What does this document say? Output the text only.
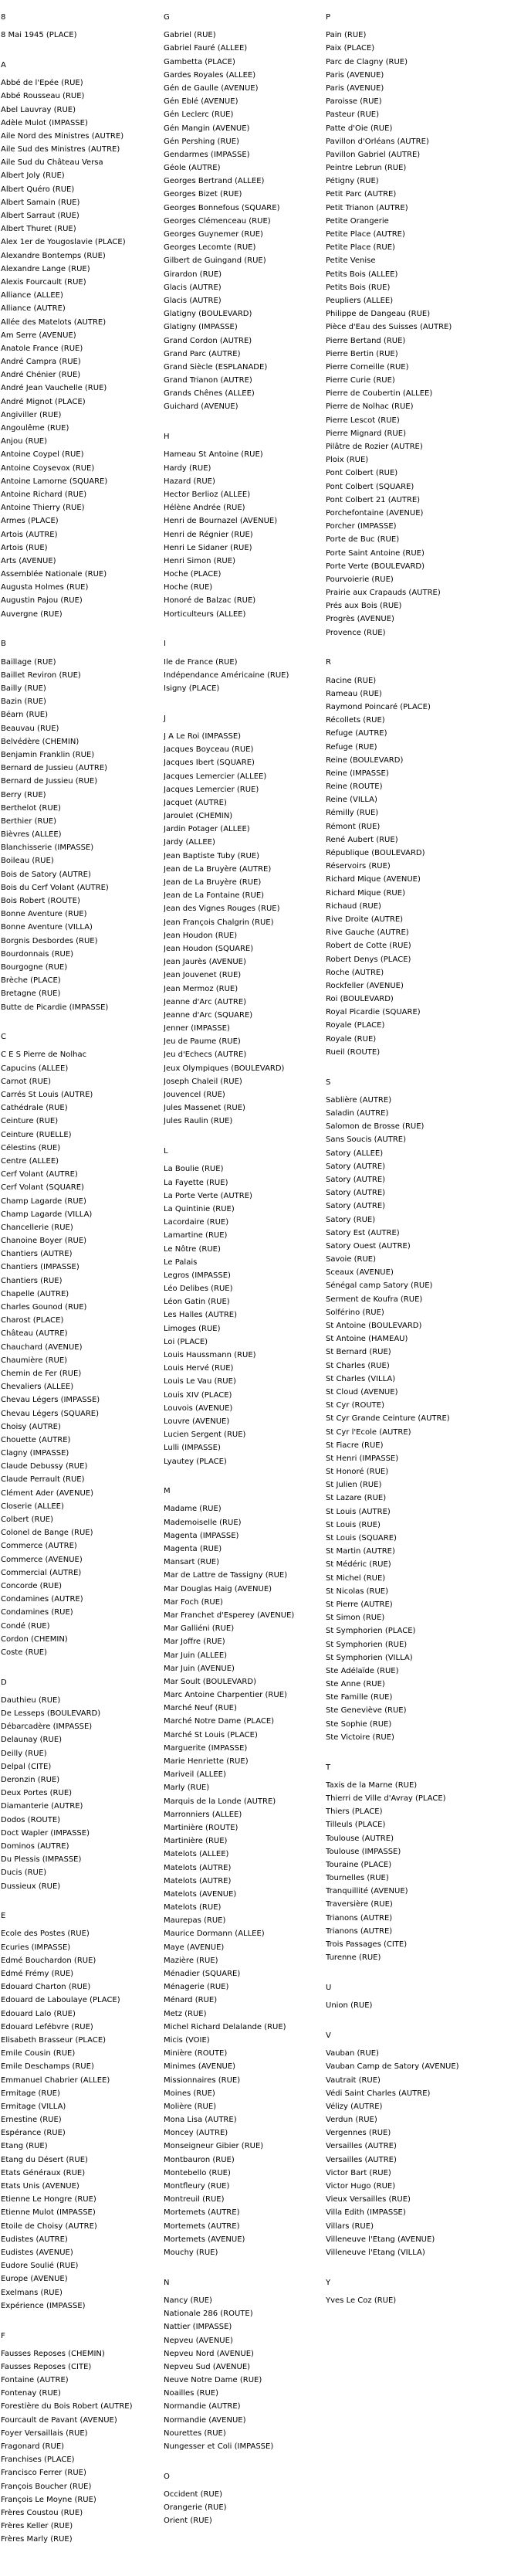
8
8 Mai 1945 (PLACE)
A
Abbé de l'Epée (RUE)
Abbé Rousseau (RUE)
Abel Lauvray (RUE)
Adèle Mulot (IMPASSE)
Aile Nord des Ministres (AUTRE)
Aile Sud des Ministres (AUTRE)
Aile Sud du Château Versa
Albert Joly (RUE)
Albert Quéro (RUE)
Albert Samain (RUE)
Albert Sarraut (RUE)
Albert Thuret (RUE)
Alex 1er de Yougoslavie (PLACE)
Alexandre Bontemps (RUE)
Alexandre Lange (RUE)
Alexis Fourcault (RUE)
Alliance (ALLEE)
Alliance (AUTRE)
Allée des Matelots (AUTRE)
Am Serre (AVENUE)
Anatole France (RUE)
André Campra (RUE)
André Chénier (RUE)
André Jean Vauchelle (RUE)
André Mignot (PLACE)
Angiviller (RUE)
Angoulême (RUE)
Anjou (RUE)
Antoine Coypel (RUE)
Antoine Coysevox (RUE)
Antoine Lamorne (SQUARE)
Antoine Richard (RUE)
Antoine Thierry (RUE)
Armes (PLACE)
Artois (AUTRE)
Artois (RUE)
Arts (AVENUE)
Assemblée Nationale (RUE)
Augusta Holmes (RUE)
Augustin Pajou (RUE)
Auvergne (RUE)
B
Baillage (RUE)
Baillet Reviron (RUE)
Bailly (RUE)
Bazin (RUE)
Béarn (RUE)
Beauvau (RUE)
Belvédère (CHEMIN)
Benjamin Franklin (RUE)
Bernard de Jussieu (AUTRE)
Bernard de Jussieu (RUE)
Berry (RUE)
Berthelot (RUE)
Berthier (RUE)
Bièvres (ALLEE)
Blanchisserie (IMPASSE)
Boileau (RUE)
Bois de Satory (AUTRE)
Bois du Cerf Volant (AUTRE)
Bois Robert (ROUTE)
Bonne Aventure (RUE)
Bonne Aventure (VILLA)
Borgnis Desbordes (RUE)
Bourdonnais (RUE)
Bourgogne (RUE)
Brèche (PLACE)
Bretagne (RUE)
Butte de Picardie (IMPASSE)
C
C E S Pierre de Nolhac
Capucins (ALLEE)
Carnot (RUE)
Carrés St Louis (AUTRE)
Cathédrale (RUE)
Ceinture (RUE)
Ceinture (RUELLE)
Célestins (RUE)
Centre (ALLEE)
Cerf Volant (AUTRE)
Cerf Volant (SQUARE)
Champ Lagarde (RUE)
Champ Lagarde (VILLA)
Chancellerie (RUE)
Chanoine Boyer (RUE)
Chantiers (AUTRE)
Chantiers (IMPASSE)
Chantiers (RUE)
Chapelle (AUTRE)
Charles Gounod (RUE)
Charost (PLACE)
Château (AUTRE)
Chauchard (AVENUE)
Chaumière (RUE)
Chemin de Fer (RUE)
Chevaliers (ALLEE)
Chevau Légers (IMPASSE)
Chevau Légers (SQUARE)
Choisy (AUTRE)
Chouette (AUTRE)
Clagny (IMPASSE)
Claude Debussy (RUE)
Claude Perrault (RUE)
Clément Ader (AVENUE)
Closerie (ALLEE)
Colbert (RUE)
Colonel de Bange (RUE)
Commerce (AUTRE)
Commerce (AVENUE)
Commercial (AUTRE)
Concorde (RUE)
Condamines (AUTRE)
Condamines (RUE)
Condé (RUE)
Cordon (CHEMIN)
Coste (RUE)
D
Dauthieu (RUE)
De Lesseps (BOULEVARD)
Débarcadère (IMPASSE)
Delaunay (RUE)
Deilly (RUE)
Delpal (CITE)
Deronzin (RUE)
Deux Portes (RUE)
Diamanterie (AUTRE)
Dodos (ROUTE)
Doct Wapler (IMPASSE)
Dominos (AUTRE)
Du Plessis (IMPASSE)
Ducis (RUE)
Dussieux (RUE)
E
Ecole des Postes (RUE)
Ecuries (IMPASSE)
Edmé Bouchardon (RUE)
Edmé Frémy (RUE)
Edouard Charton (RUE)
Edouard de Laboulaye (PLACE)
Edouard Lalo (RUE)
Edouard Lefébvre (RUE)
Elisabeth Brasseur (PLACE)
Emile Cousin (RUE)
Emile Deschamps (RUE)
Emmanuel Chabrier (ALLEE)
Ermitage (RUE)
Ermitage (VILLA)
Ernestine (RUE)
Espérance (RUE)
Etang (RUE)
Etang du Désert (RUE)
Etats Généraux (RUE)
Etats Unis (AVENUE)
Etienne Le Hongre (RUE)
Etienne Mulot (IMPASSE)
Etoile de Choisy (AUTRE)
Eudistes (AUTRE)
Eudistes (AVENUE)
Eudore Soulié (RUE)
Europe (AVENUE)
Exelmans (RUE)
Expérience (IMPASSE)
F
Fausses Reposes (CHEMIN)
Fausses Reposes (CITE)
Fontaine (AUTRE)
Fontenay (RUE)
Forestière du Bois Robert (AUTRE)
Fourcault de Pavant (AVENUE)
Foyer Versaillais (RUE)
Fragonard (RUE)
Franchises (PLACE)
Francisco Ferrer (RUE)
François Boucher (RUE)
François Le Moyne (RUE)
Frères Coustou (RUE)
Frères Keller (RUE)
Frères Marly (RUE)
G
Gabriel (RUE)
Gabriel Fauré (ALLEE)
Gambetta (PLACE)
Gardes Royales (ALLEE)
Gén de Gaulle (AVENUE)
Gén Eblé (AVENUE)
Gén Leclerc (RUE)
Gén Mangin (AVENUE)
Gén Pershing (RUE)
Gendarmes (IMPASSE)
Géole (AUTRE)
Georges Bertrand (ALLEE)
Georges Bizet (RUE)
Georges Bonnefous (SQUARE)
Georges Clémenceau (RUE)
Georges Guynemer (RUE)
Georges Lecomte (RUE)
Gilbert de Guingand (RUE)
Girardon (RUE)
Glacis (AUTRE)
Glacis (AUTRE)
Glatigny (BOULEVARD)
Glatigny (IMPASSE)
Grand Cordon (AUTRE)
Grand Parc (AUTRE)
Grand Siècle (ESPLANADE)
Grand Trianon (AUTRE)
Grands Chênes (ALLEE)
Guichard (AVENUE)
H
Hameau St Antoine (RUE)
Hardy (RUE)
Hazard (RUE)
Hector Berlioz (ALLEE)
Hélène Andrée (RUE)
Henri de Bournazel (AVENUE)
Henri de Régnier (RUE)
Henri Le Sidaner (RUE)
Henri Simon (RUE)
Hoche (PLACE)
Hoche (RUE)
Honoré de Balzac (RUE)
Horticulteurs (ALLEE)
I
Ile de France (RUE)
Indépendance Américaine (RUE)
Isigny (PLACE)
J
J A Le Roi (IMPASSE)
Jacques Boyceau (RUE)
Jacques Ibert (SQUARE)
Jacques Lemercier (ALLEE)
Jacques Lemercier (RUE)
Jacquet (AUTRE)
Jaroulet (CHEMIN)
Jardin Potager (ALLEE)
Jardy (ALLEE)
Jean Baptiste Tuby (RUE)
Jean de La Bruyère (AUTRE)
Jean de La Bruyère (RUE)
Jean de La Fontaine (RUE)
Jean des Vignes Rouges (RUE)
Jean François Chalgrin (RUE)
Jean Houdon (RUE)
Jean Houdon (SQUARE)
Jean Jaurès (AVENUE)
Jean Jouvenet (RUE)
Jean Mermoz (RUE)
Jeanne d'Arc (AUTRE)
Jeanne d'Arc (SQUARE)
Jenner (IMPASSE)
Jeu de Paume (RUE)
Jeu d'Echecs (AUTRE)
Jeux Olympiques (BOULEVARD)
Joseph Chaleil (RUE)
Jouvencel (RUE)
Jules Massenet (RUE)
Jules Raulin (RUE)
L
La Boulie (RUE)
La Fayette (RUE)
La Porte Verte (AUTRE)
La Quintinie (RUE)
Lacordaire (RUE)
Lamartine (RUE)
Le Nôtre (RUE)
Le Palais
Legros (IMPASSE)
Léo Delibes (RUE)
Léon Gatin (RUE)
Les Halles (AUTRE)
Limoges (RUE)
Loi (PLACE)
Louis Haussmann (RUE)
Louis Hervé (RUE)
Louis Le Vau (RUE)
Louis XIV (PLACE)
Louvois (AVENUE)
Louvre (AVENUE)
Lucien Sergent (RUE)
Lulli (IMPASSE)
Lyautey (PLACE)
M
Madame (RUE)
Mademoiselle (RUE)
Magenta (IMPASSE)
Magenta (RUE)
Mansart (RUE)
Mar de Lattre de Tassigny (RUE)
Mar Douglas Haig (AVENUE)
Mar Foch (RUE)
Mar Franchet d'Esperey (AVENUE)
Mar Galliéni (RUE)
Mar Joffre (RUE)
Mar Juin (ALLEE)
Mar Juin (AVENUE)
Mar Soult (BOULEVARD)
Marc Antoine Charpentier (RUE)
Marché Neuf (RUE)
Marché Notre Dame (PLACE)
Marché St Louis (PLACE)
Marguerite (IMPASSE)
Marie Henriette (RUE)
Mariveil (ALLEE)
Marly (RUE)
Marquis de la Londe (AUTRE)
Marronniers (ALLEE)
Martinière (ROUTE)
Martinière (RUE)
Matelots (ALLEE)
Matelots (AUTRE)
Matelots (AUTRE)
Matelots (AVENUE)
Matelots (RUE)
Maurepas (RUE)
Maurice Dormann (ALLEE)
Maye (AVENUE)
Mazière (RUE)
Ménadier (SQUARE)
Ménagerie (RUE)
Ménard (RUE)
Metz (RUE)
Michel Richard Delalande (RUE)
Micis (VOIE)
Minière (ROUTE)
Minimes (AVENUE)
Missionnaires (RUE)
Moines (RUE)
Molière (RUE)
Mona Lisa (AUTRE)
Moncey (AUTRE)
Monseigneur Gibier (RUE)
Montbauron (RUE)
Montebello (RUE)
Montfleury (RUE)
Montreuil (RUE)
Mortemets (AUTRE)
Mortemets (AUTRE)
Mortemets (AVENUE)
Mouchy (RUE)
N
Nancy (RUE)
Nationale 286 (ROUTE)
Nattier (IMPASSE)
Nepveu (AVENUE)
Nepveu Nord (AVENUE)
Nepveu Sud (AVENUE)
Neuve Notre Dame (RUE)
Noailles (RUE)
Normandie (AUTRE)
Normandie (AVENUE)
Nourettes (RUE)
Nungesser et Coli (IMPASSE)
O
Occident (RUE)
Orangerie (RUE)
Orient (RUE)
P
Pain (RUE)
Paix (PLACE)
Parc de Clagny (RUE)
Paris (AVENUE)
Paris (AVENUE)
Paroisse (RUE)
Pasteur (RUE)
Patte d'Oie (RUE)
Pavillon d'Orléans (AUTRE)
Pavillon Gabriel (AUTRE)
Peintre Lebrun (RUE)
Pétigny (RUE)
Petit Parc (AUTRE)
Petit Trianon (AUTRE)
Petite Orangerie
Petite Place (AUTRE)
Petite Place (RUE)
Petite Venise
Petits Bois (ALLEE)
Petits Bois (RUE)
Peupliers (ALLEE)
Philippe de Dangeau (RUE)
Pièce d'Eau des Suisses (AUTRE)
Pierre Bertand (RUE)
Pierre Bertin (RUE)
Pierre Corneille (RUE)
Pierre Curie (RUE)
Pierre de Coubertin (ALLEE)
Pierre de Nolhac (RUE)
Pierre Lescot (RUE)
Pierre Mignard (RUE)
Pilâtre de Rozier (AUTRE)
Ploix (RUE)
Pont Colbert (RUE)
Pont Colbert (SQUARE)
Pont Colbert 21 (AUTRE)
Porchefontaine (AVENUE)
Porcher (IMPASSE)
Porte de Buc (RUE)
Porte Saint Antoine (RUE)
Porte Verte (BOULEVARD)
Pourvoierie (RUE)
Prairie aux Crapauds (AUTRE)
Prés aux Bois (RUE)
Progrès (AVENUE)
Provence (RUE)
R
Racine (RUE)
Rameau (RUE)
Raymond Poincaré (PLACE)
Récollets (RUE)
Refuge (AUTRE)
Refuge (RUE)
Reine (BOULEVARD)
Reine (IMPASSE)
Reine (ROUTE)
Reine (VILLA)
Rémilly (RUE)
Rémont (RUE)
René Aubert (RUE)
République (BOULEVARD)
Réservoirs (RUE)
Richard Mique (AVENUE)
Richard Mique (RUE)
Richaud (RUE)
Rive Droite (AUTRE)
Rive Gauche (AUTRE)
Robert de Cotte (RUE)
Robert Denys (PLACE)
Roche (AUTRE)
Rockfeller (AVENUE)
Roi (BOULEVARD)
Royal Picardie (SQUARE)
Royale (PLACE)
Royale (RUE)
Rueil (ROUTE)
S
Sablière (AUTRE)
Saladin (AUTRE)
Salomon de Brosse (RUE)
Sans Soucis (AUTRE)
Satory (ALLEE)
Satory (AUTRE)
Satory (AUTRE)
Satory (AUTRE)
Satory (AUTRE)
Satory (RUE)
Satory Est (AUTRE)
Satory Ouest (AUTRE)
Savoie (RUE)
Sceaux (AVENUE)
Sénégal camp Satory (RUE)
Serment de Koufra (RUE)
Solférino (RUE)
St Antoine (BOULEVARD)
St Antoine (HAMEAU)
St Bernard (RUE)
St Charles (RUE)
St Charles (VILLA)
St Cloud (AVENUE)
St Cyr (ROUTE)
St Cyr Grande Ceinture (AUTRE)
St Cyr l'Ecole (AUTRE)
St Fiacre (RUE)
St Henri (IMPASSE)
St Honoré (RUE)
St Julien (RUE)
St Lazare (RUE)
St Louis (AUTRE)
St Louis (RUE)
St Louis (SQUARE)
St Martin (AUTRE)
St Médéric (RUE)
St Michel (RUE)
St Nicolas (RUE)
St Pierre (AUTRE)
St Simon (RUE)
St Symphorien (PLACE)
St Symphorien (RUE)
St Symphorien (VILLA)
Ste Adélaïde (RUE)
Ste Anne (RUE)
Ste Famille (RUE)
Ste Geneviève (RUE)
Ste Sophie (RUE)
Ste Victoire (RUE)
T
Taxis de la Marne (RUE)
Thierri de Ville d'Avray (PLACE)
Thiers (PLACE)
Tilleuls (PLACE)
Toulouse (AUTRE)
Toulouse (IMPASSE)
Touraine (PLACE)
Tournelles (RUE)
Tranquillité (AVENUE)
Traversière (RUE)
Trianons (AUTRE)
Trianons (AUTRE)
Trois Passages (CITE)
Turenne (RUE)
U
Union (RUE)
V
Vauban (RUE)
Vauban Camp de Satory (AVENUE)
Vautrait (RUE)
Védi Saint Charles (AUTRE)
Vélizy (AUTRE)
Verdun (RUE)
Vergennes (RUE)
Versailles (AUTRE)
Versailles (AUTRE)
Victor Bart (RUE)
Victor Hugo (RUE)
Vieux Versailles (RUE)
Villa Edith (IMPASSE)
Villars (RUE)
Villeneuve l'Etang (AVENUE)
Villeneuve l'Etang (VILLA)
Y
Yves Le Coz (RUE)
